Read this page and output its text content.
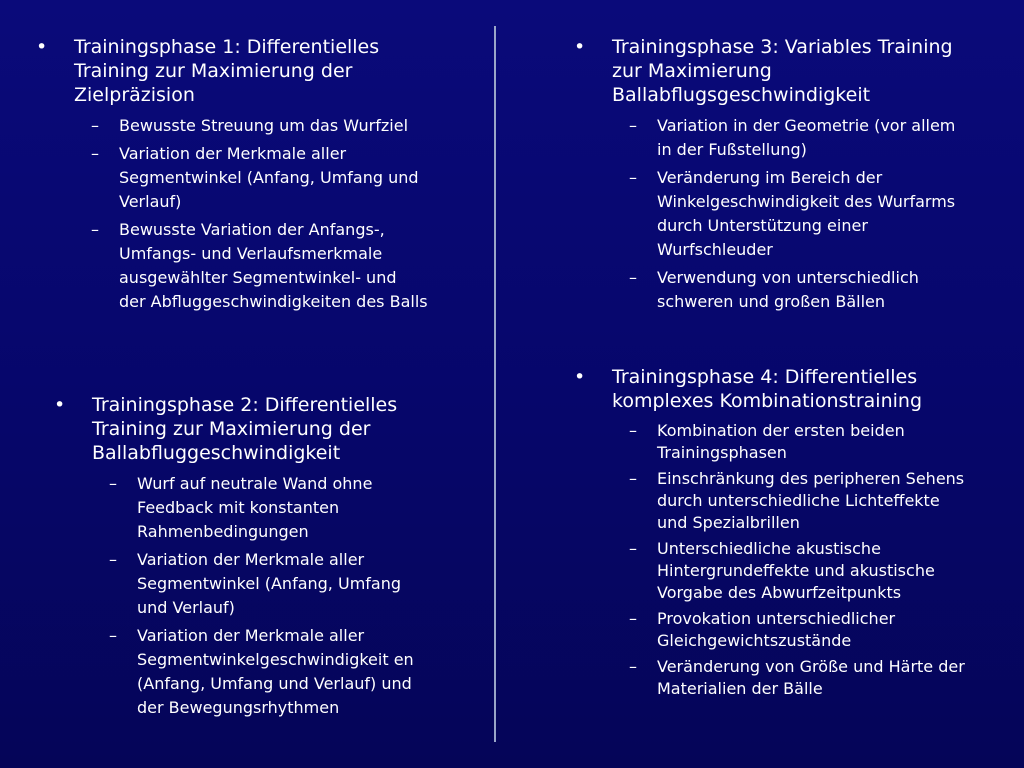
•	Trainingsphase 1: Differentielles Training zur Maximierung der Zielpräzision

– Bewusste Streuung um das Wurfziel
– Variation der Merkmale aller Segmentwinkel (Anfang, Umfang und Verlauf)
– Bewusste Variation der Anfangs-, Umfangs- und Verlaufsmerkmale ausgewählter Segmentwinkel- und der Abfluggeschwindigkeiten des Balls

•	Trainingsphase 2: Differentielles Training zur Maximierung der Ballabfluggeschwindigkeit

– Wurf auf neutrale Wand ohne Feedback mit konstanten Rahmenbedingungen
– Variation der Merkmale aller Segmentwinkel (Anfang, Umfang und Verlauf)
– Variation der Merkmale aller Segmentwinkelgeschwindigkeit en (Anfang, Umfang und Verlauf) und der Bewegungsrhythmen

•	Trainingsphase 3: Variables Training zur Maximierung Ballabflugsgeschwindigkeit

– Variation in der Geometrie (vor allem in der Fußstellung)
– Veränderung im Bereich der Winkelgeschwindigkeit des Wurfarms durch Unterstützung einer Wurfschleuder
– Verwendung von unterschiedlich schweren und großen Bällen

•	Trainingsphase 4: Differentielles komplexes Kombinationstraining

– Kombination der ersten beiden Trainingsphasen
– Einschränkung des peripheren Sehens durch unterschiedliche Lichteffekte und Spezialbrillen
– Unterschiedliche akustische Hintergrundeffekte und akustische Vorgabe des Abwurfzeitpunkts
– Provokation unterschiedlicher Gleichgewichtszustände
– Veränderung von Größe und Härte der Materialien der Bälle
